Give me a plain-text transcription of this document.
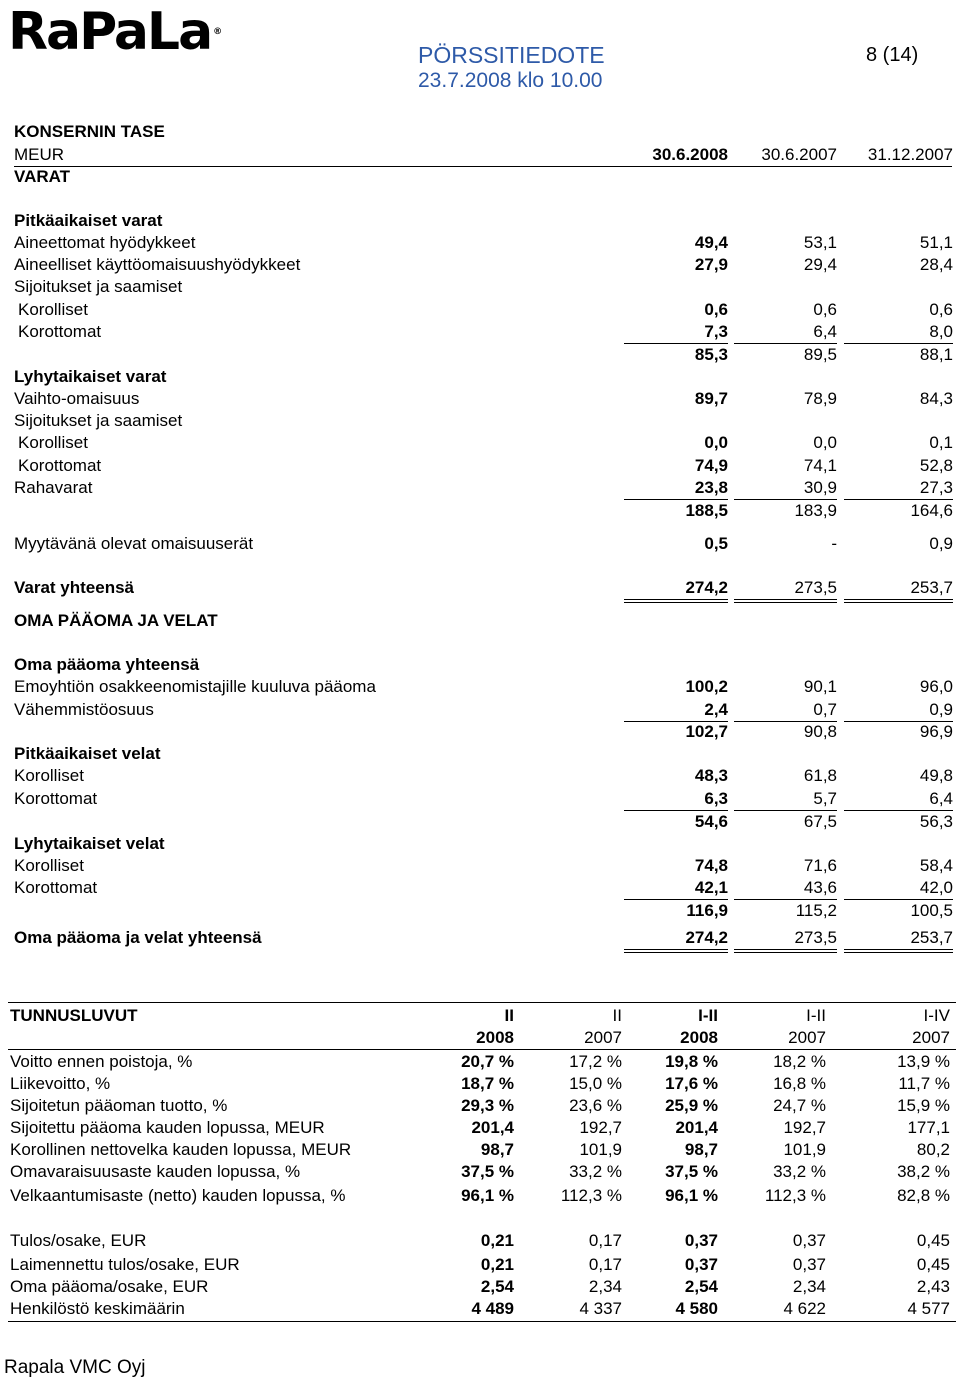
RaPaLa ®
PÖRSSITIEDOTE	8 (14)
23.7.2008 klo 10.00
KONSERNIN TASE
MEUR	30.6.2008	30.6.2007	31.12.2007
VARAT
Pitkäaikaiset varat
Aineettomat hyödykkeet	49,4	53,1	51,1
Aineelliset käyttöomaisuushyödykkeet	27,9	29,4	28,4
Sijoitukset ja saamiset
Korolliset	0,6	0,6	0,6
Korottomat	7,3	6,4	8,0
85,3	89,5	88,1
Lyhytaikaiset varat
Vaihto-omaisuus	89,7	78,9	84,3
Sijoitukset ja saamiset
Korolliset	0,0	0,0	0,1
Korottomat	74,9	74,1	52,8
Rahavarat	23,8	30,9	27,3
188,5	183,9	164,6
Myytävänä olevat omaisuuserät	0,5	-	0,9
Varat yhteensä	274,2	273,5	253,7
OMA PÄÄOMA JA VELAT
Oma pääoma yhteensä
Emoyhtiön osakkeenomistajille kuuluva pääoma	100,2	90,1	96,0
Vähemmistöosuus	2,4	0,7	0,9
102,7	90,8	96,9
Pitkäaikaiset velat
Korolliset	48,3	61,8	49,8
Korottomat	6,3	5,7	6,4
54,6	67,5	56,3
Lyhytaikaiset velat
Korolliset	74,8	71,6	58,4
Korottomat	42,1	43,6	42,0
116,9	115,2	100,5
Oma pääoma ja velat yhteensä	274,2	273,5	253,7
TUNNUSLUVUT	II	II	I-II	I-II	I-IV
2008	2007	2008	2007	2007
Voitto ennen poistoja, %	20,7 %	17,2 %	19,8 %	18,2 %	13,9 %
Liikevoitto, %	18,7 %	15,0 %	17,6 %	16,8 %	11,7 %
Sijoitetun pääoman tuotto, %	29,3 %	23,6 %	25,9 %	24,7 %	15,9 %
Sijoitettu pääoma kauden lopussa, MEUR	201,4	192,7	201,4	192,7	177,1
Korollinen nettovelka kauden lopussa, MEUR	98,7	101,9	98,7	101,9	80,2
Omavaraisuusaste kauden lopussa, %	37,5 %	33,2 %	37,5 %	33,2 %	38,2 %
Velkaantumisaste (netto) kauden lopussa, %	96,1 %	112,3 %	96,1 %	112,3 %	82,8 %
Tulos/osake, EUR	0,21	0,17	0,37	0,37	0,45
Laimennettu tulos/osake, EUR	0,21	0,17	0,37	0,37	0,45
Oma pääoma/osake, EUR	2,54	2,34	2,54	2,34	2,43
Henkilöstö keskimäärin	4 489	4 337	4 580	4 622	4 577
Rapala VMC Oyj
